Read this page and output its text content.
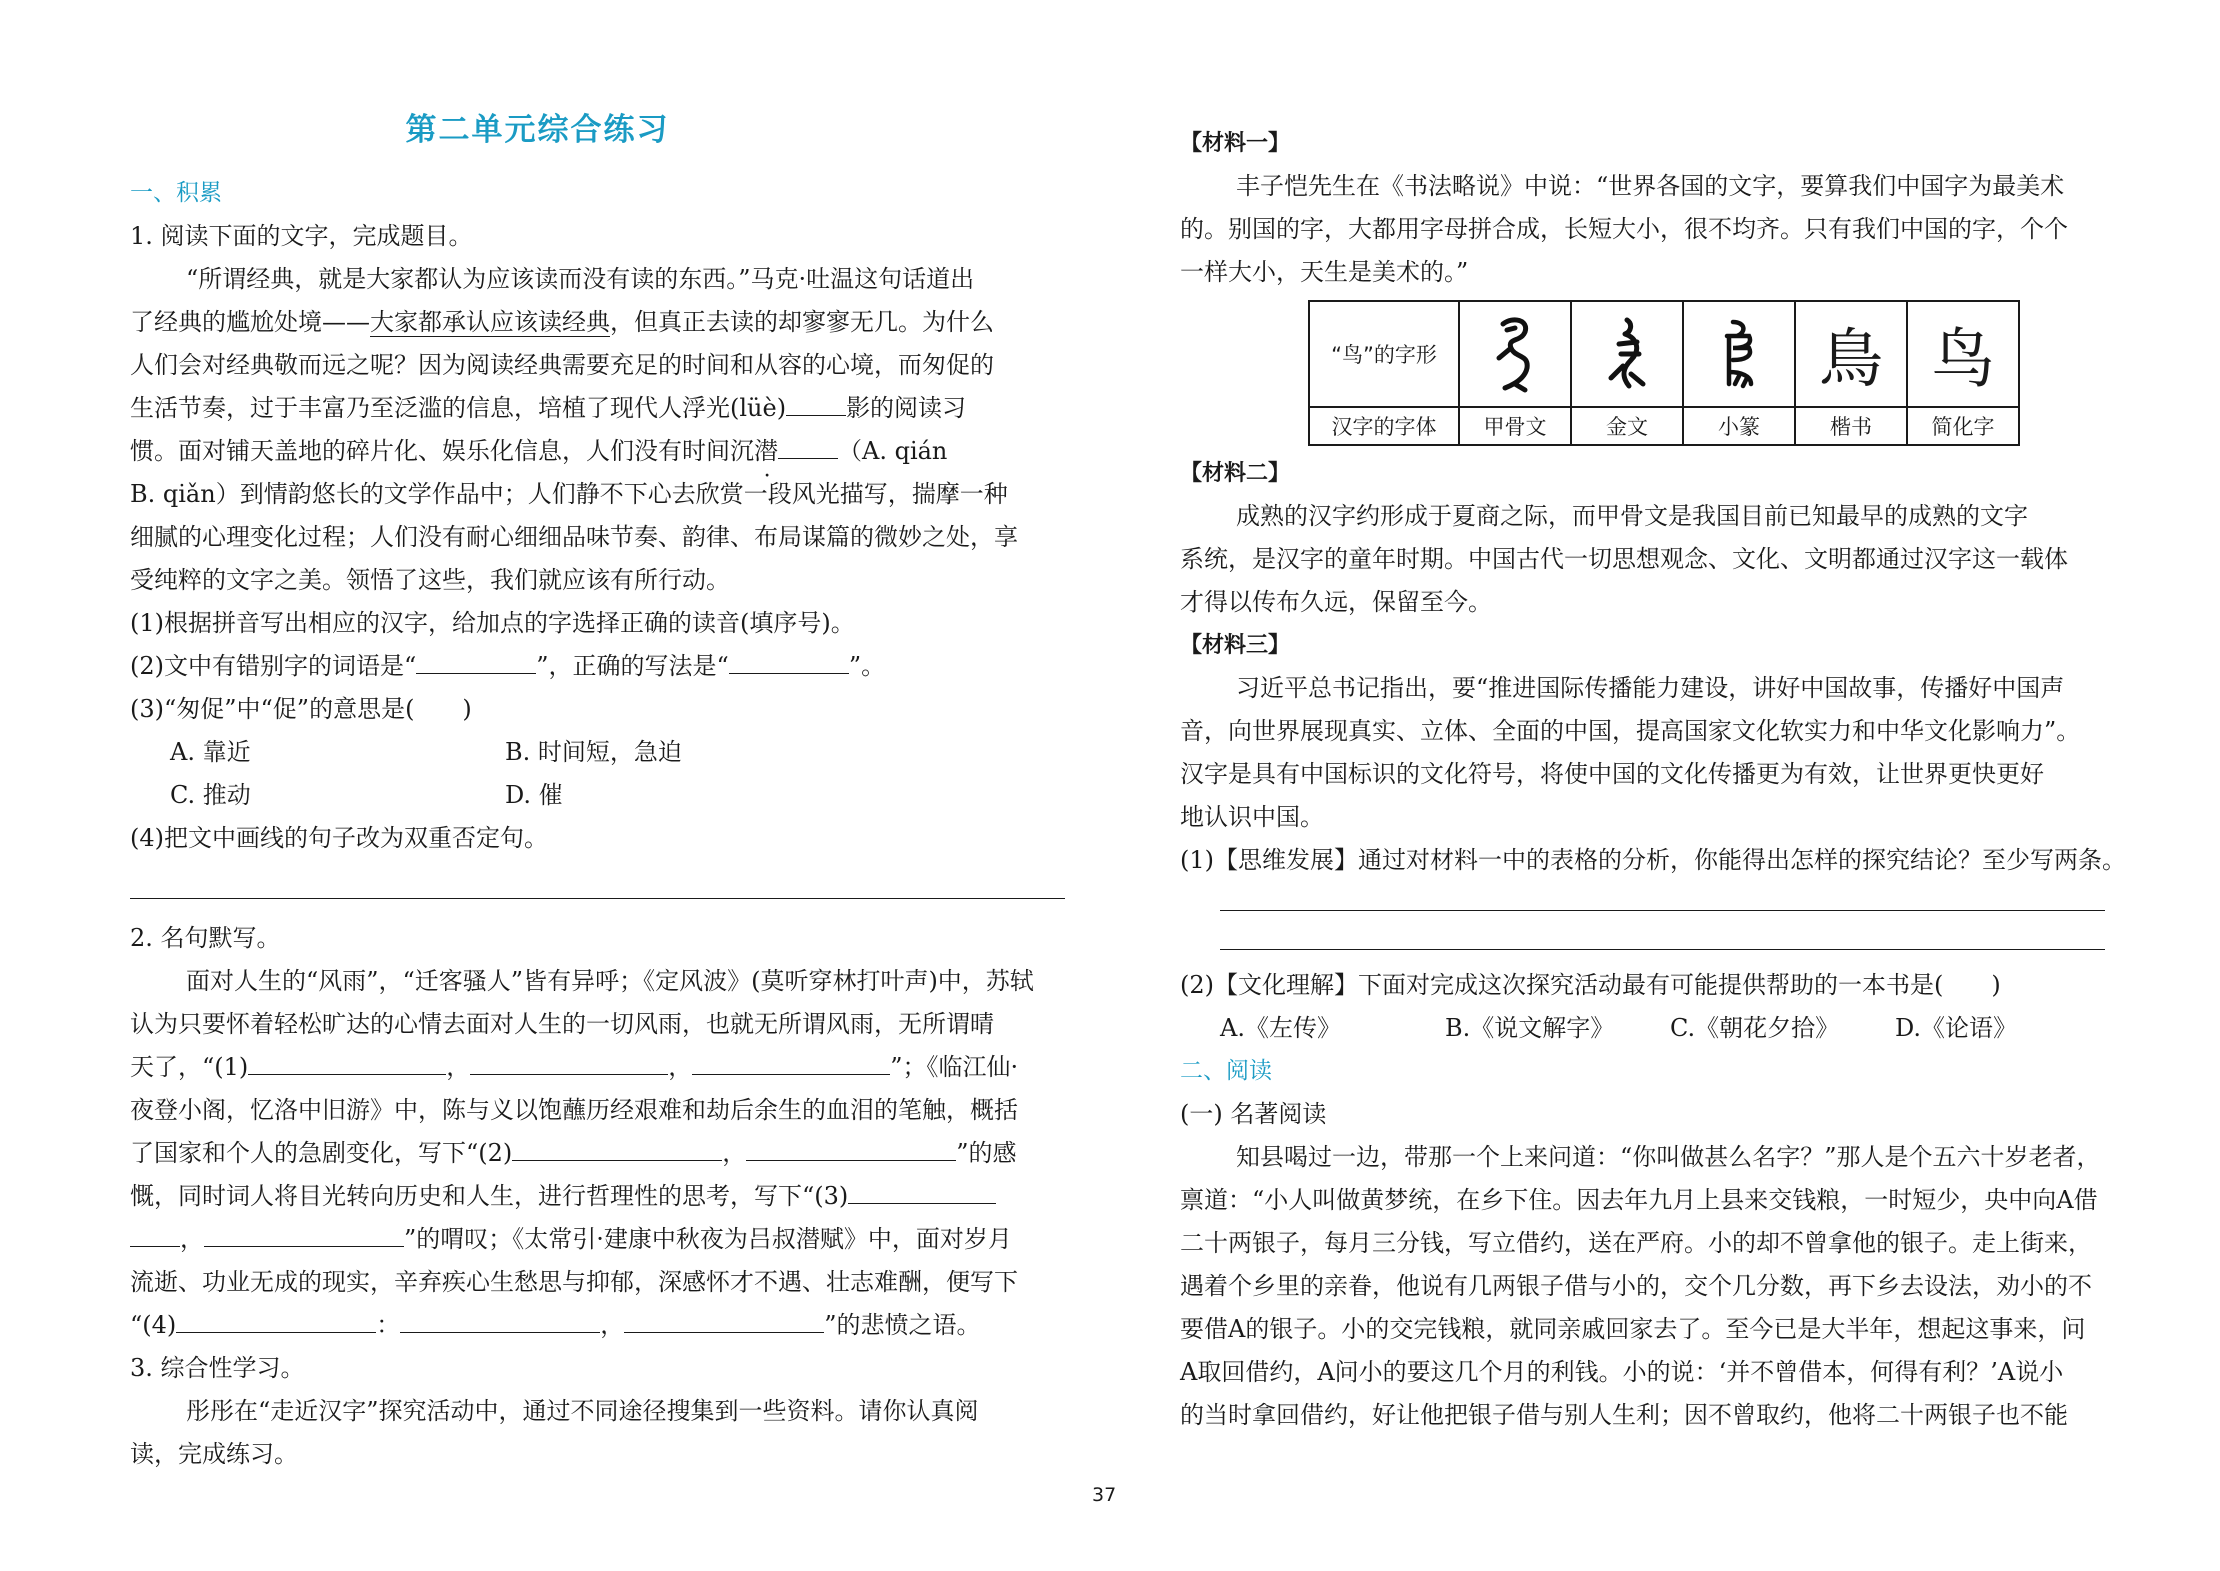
第二单元综合练习
一、积累
1. 阅读下面的文字，完成题目。
“所谓经典，就是大家都认为应该读而没有读的东西。”马克·吐温这句话道出
了经典的尴尬处境——大家都承认应该读经典，但真正去读的却寥寥无几。为什么
人们会对经典敬而远之呢？因为阅读经典需要充足的时间和从容的心境，而匆促的
生活节奏，过于丰富乃至泛滥的信息，培植了现代人浮光(lüè)	影的阅读习
惯。面对铺天盖地的碎片化、娱乐化信息，人们没有时间沉潜	（A. qián
B. qiǎn）到情韵悠长的文学作品中；人们静不下心去欣赏一段风光描写，揣摩一种
细腻的心理变化过程；人们没有耐心细细品味节奏、韵律、布局谋篇的微妙之处，享
受纯粹的文字之美。领悟了这些，我们就应该有所行动。
(1)根据拼音写出相应的汉字，给加点的字选择正确的读音(填序号)。
(2)文中有错别字的词语是“	”，正确的写法是“	”。
(3)“匆促”中“促”的意思是(　　)
A. 靠近	B. 时间短，急迫
C. 推动	D. 催
(4)把文中画线的句子改为双重否定句。
2. 名句默写。
面对人生的“风雨”，“迁客骚人”皆有异呼；《定风波》(莫听穿林打叶声)中，苏轼
认为只要怀着轻松旷达的心情去面对人生的一切风雨，也就无所谓风雨，无所谓晴
天了，“(1)	，	，	”；《临江仙·
夜登小阁，忆洛中旧游》中，陈与义以饱蘸历经艰难和劫后余生的血泪的笔触，概括
了国家和个人的急剧变化，写下“(2)	，	”的感
慨，同时词人将目光转向历史和人生，进行哲理性的思考，写下“(3)
，	”的喟叹；《太常引·建康中秋夜为吕叔潜赋》中，面对岁月
流逝、功业无成的现实，辛弃疾心生愁思与抑郁，深感怀才不遇、壮志难酬，便写下
“(4)	：	，	”的悲愤之语。
3. 综合性学习。
彤彤在“走近汉字”探究活动中，通过不同途径搜集到一些资料。请你认真阅
读，完成练习。
【材料一】
丰子恺先生在《书法略说》中说：“世界各国的文字，要算我们中国字为最美术
的。别国的字，大都用字母拼合成，长短大小，很不均齐。只有我们中国的字，个个
一样大小，天生是美术的。”
“鸟”的字形				鳥	鸟
汉字的字体	甲骨文	金文	小篆	楷书	简化字
【材料二】
成熟的汉字约形成于夏商之际，而甲骨文是我国目前已知最早的成熟的文字
系统，是汉字的童年时期。中国古代一切思想观念、文化、文明都通过汉字这一载体
才得以传布久远，保留至今。
【材料三】
习近平总书记指出，要“推进国际传播能力建设，讲好中国故事，传播好中国声
音，向世界展现真实、立体、全面的中国，提高国家文化软实力和中华文化影响力”。
汉字是具有中国标识的文化符号，将使中国的文化传播更为有效，让世界更快更好
地认识中国。
(1)【思维发展】通过对材料一中的表格的分析，你能得出怎样的探究结论？至少写两条。
(2)【文化理解】下面对完成这次探究活动最有可能提供帮助的一本书是(　　)
A.《左传》	B.《说文解字》	C.《朝花夕拾》	D.《论语》
二、阅读
(一) 名著阅读
知县喝过一边，带那一个上来问道：“你叫做甚么名字？”那人是个五六十岁老者，
禀道：“小人叫做黄梦统，在乡下住。因去年九月上县来交钱粮，一时短少，央中向A借
二十两银子，每月三分钱，写立借约，送在严府。小的却不曾拿他的银子。走上街来，
遇着个乡里的亲眷，他说有几两银子借与小的，交个几分数，再下乡去设法，劝小的不
要借A的银子。小的交完钱粮，就同亲戚回家去了。至今已是大半年，想起这事来，问
A取回借约，A问小的要这几个月的利钱。小的说：‘并不曾借本，何得有利？’A说小
的当时拿回借约，好让他把银子借与别人生利；因不曾取约，他将二十两银子也不能
37
